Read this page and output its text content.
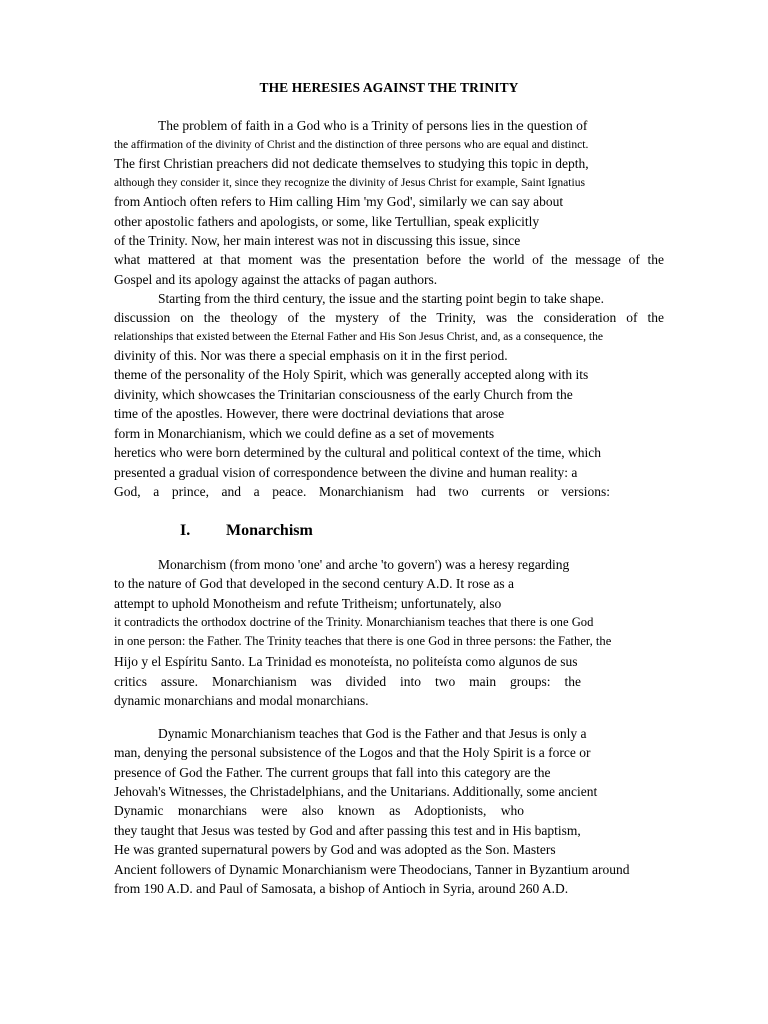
THE HERESIES AGAINST THE TRINITY
The problem of faith in a God who is a Trinity of persons lies in the question of
the affirmation of the divinity of Christ and the distinction of three persons who are equal and distinct.
The first Christian preachers did not dedicate themselves to studying this topic in depth,
although they consider it, since they recognize the divinity of Jesus Christ for example, Saint Ignatius
from Antioch often refers to Him calling Him 'my God', similarly we can say about
other apostolic fathers and apologists, or some, like Tertullian, speak explicitly
of the Trinity. Now, her main interest was not in discussing this issue, since
what mattered at that moment was the presentation before the world of the message of the
Gospel and its apology against the attacks of pagan authors.
Starting from the third century, the issue and the starting point begin to take shape.
discussion on the theology of the mystery of the Trinity, was the consideration of the
relationships that existed between the Eternal Father and His Son Jesus Christ, and, as a consequence, the
divinity of this. Nor was there a special emphasis on it in the first period.
theme of the personality of the Holy Spirit, which was generally accepted along with its
divinity, which showcases the Trinitarian consciousness of the early Church from the
time of the apostles. However, there were doctrinal deviations that arose
form in Monarchianism, which we could define as a set of movements
heretics who were born determined by the cultural and political context of the time, which
presented a gradual vision of correspondence between the divine and human reality: a
God, a prince, and a peace. Monarchianism had two currents or versions:
I. Monarchism
Monarchism (from mono 'one' and arche 'to govern') was a heresy regarding
to the nature of God that developed in the second century A.D. It rose as a
attempt to uphold Monotheism and refute Tritheism; unfortunately, also
it contradicts the orthodox doctrine of the Trinity. Monarchianism teaches that there is one God
in one person: the Father. The Trinity teaches that there is one God in three persons: the Father, the
Hijo y el Espíritu Santo. La Trinidad es monoteísta, no politeísta como algunos de sus
critics assure. Monarchianism was divided into two main groups: the
dynamic monarchians and modal monarchians.
Dynamic Monarchianism teaches that God is the Father and that Jesus is only a
man, denying the personal subsistence of the Logos and that the Holy Spirit is a force or
presence of God the Father. The current groups that fall into this category are the
Jehovah's Witnesses, the Christadelphians, and the Unitarians. Additionally, some ancient
Dynamic monarchians were also known as Adoptionists, who
they taught that Jesus was tested by God and after passing this test and in His baptism,
He was granted supernatural powers by God and was adopted as the Son. Masters
Ancient followers of Dynamic Monarchianism were Theodocians, Tanner in Byzantium around
from 190 A.D. and Paul of Samosata, a bishop of Antioch in Syria, around 260 A.D.
